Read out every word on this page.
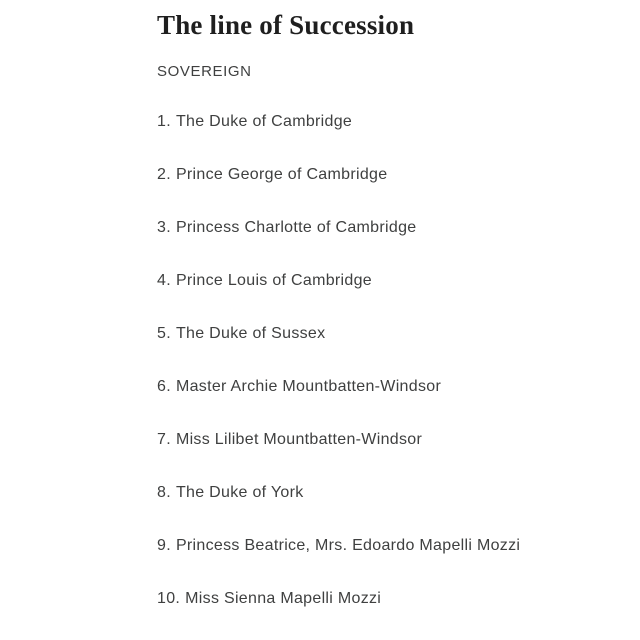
The line of Succession
SOVEREIGN
1. The Duke of Cambridge
2. Prince George of Cambridge
3. Princess Charlotte of Cambridge
4. Prince Louis of Cambridge
5. The Duke of Sussex
6. Master Archie Mountbatten-Windsor
7. Miss Lilibet Mountbatten-Windsor
8. The Duke of York
9. Princess Beatrice, Mrs. Edoardo Mapelli Mozzi
10. Miss Sienna Mapelli Mozzi
